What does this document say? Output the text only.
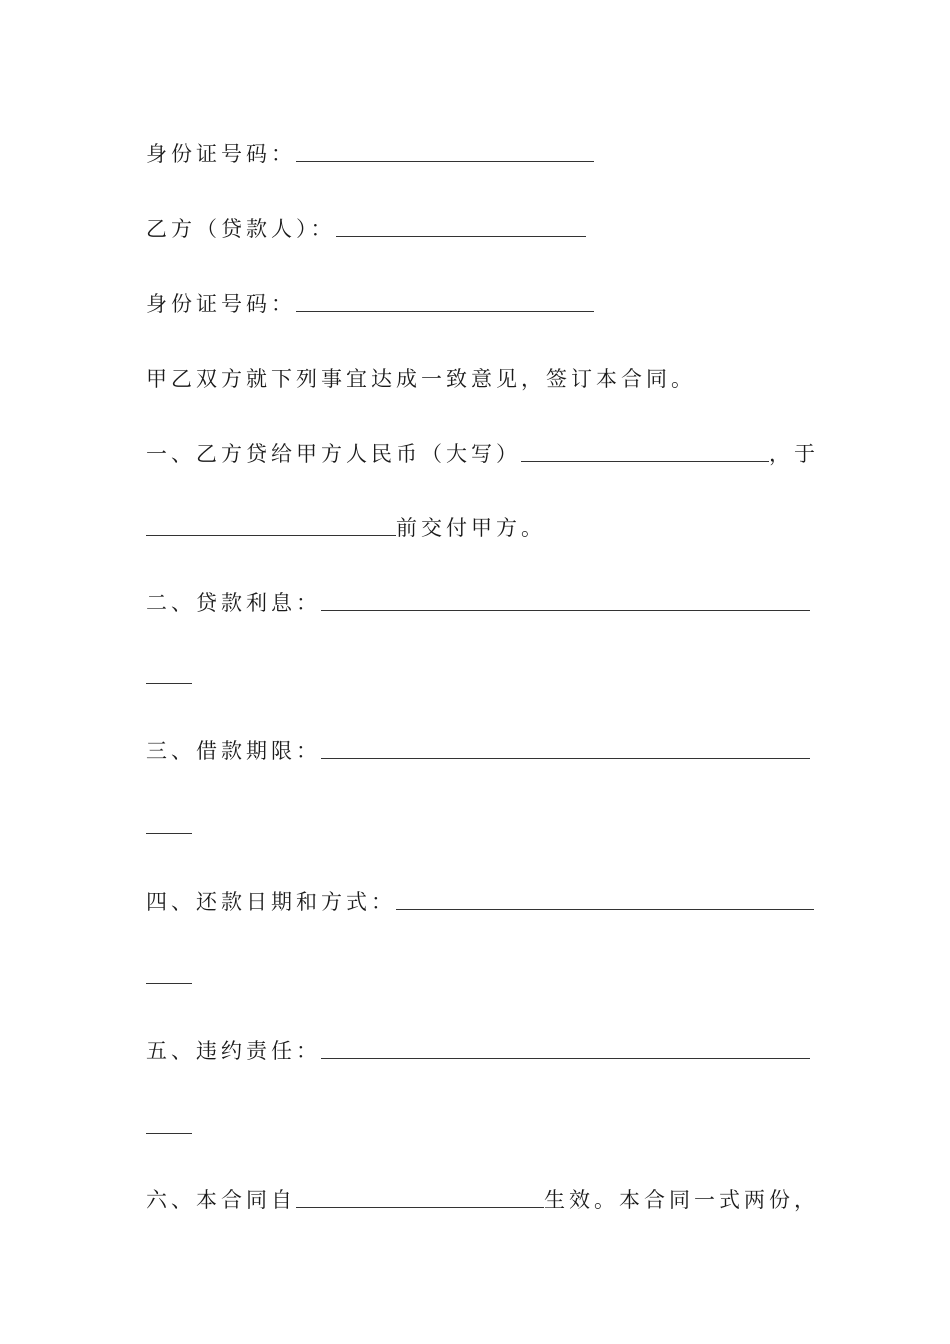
身份证号码：
乙方（贷款人）：
身份证号码：
甲乙双方就下列事宜达成一致意见，签订本合同。
一、乙方贷给甲方人民币（大写）	，于
前交付甲方。
二、贷款利息：
三、借款期限：
四、还款日期和方式：
五、违约责任：
六、本合同自	生效。本合同一式两份，
